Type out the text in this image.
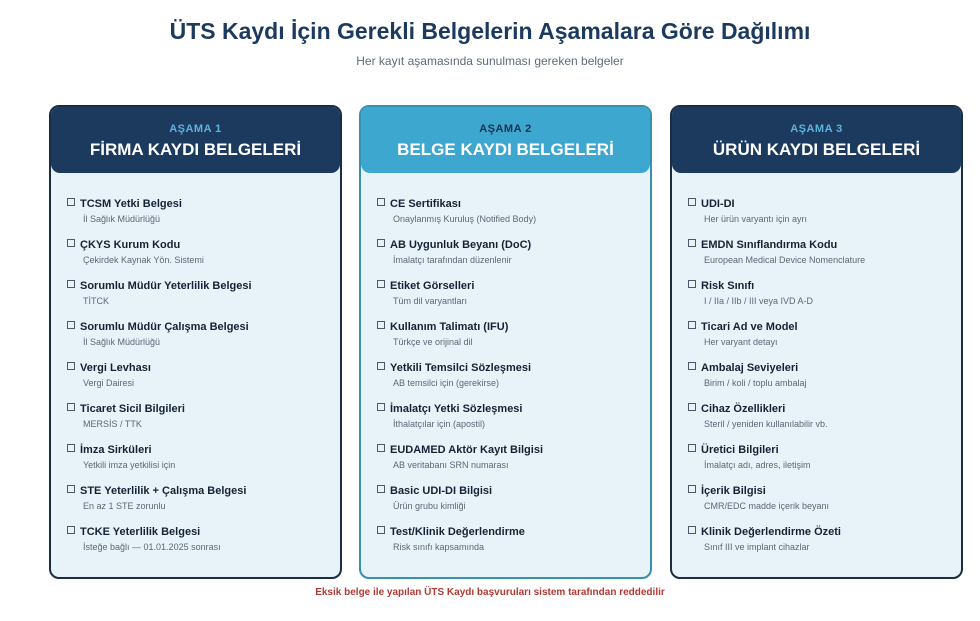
ÜTS Kaydı İçin Gerekli Belgelerin Aşamalara Göre Dağılımı
Her kayıt aşamasında sunulması gereken belgeler
AŞAMA 1
FİRMA KAYDI BELGELERİ
TCSM Yetki Belgesi
İl Sağlık Müdürlüğü
ÇKYS Kurum Kodu
Çekirdek Kaynak Yön. Sistemi
Sorumlu Müdür Yeterlilik Belgesi
TİTCK
Sorumlu Müdür Çalışma Belgesi
İl Sağlık Müdürlüğü
Vergi Levhası
Vergi Dairesi
Ticaret Sicil Bilgileri
MERSİS / TTK
İmza Sirküleri
Yetkili imza yetkilisi için
STE Yeterlilik + Çalışma Belgesi
En az 1 STE zorunlu
TCKE Yeterlilik Belgesi
İsteğe bağlı — 01.01.2025 sonrası
AŞAMA 2
BELGE KAYDI BELGELERİ
CE Sertifikası
Onaylanmış Kuruluş (Notified Body)
AB Uygunluk Beyanı (DoC)
İmalatçı tarafından düzenlenir
Etiket Görselleri
Tüm dil varyantları
Kullanım Talimatı (IFU)
Türkçe ve orijinal dil
Yetkili Temsilci Sözleşmesi
AB temsilci için (gerekirse)
İmalatçı Yetki Sözleşmesi
İthalatçılar için (apostil)
EUDAMED Aktör Kayıt Bilgisi
AB veritabanı SRN numarası
Basic UDI-DI Bilgisi
Ürün grubu kimliği
Test/Klinik Değerlendirme
Risk sınıfı kapsamında
AŞAMA 3
ÜRÜN KAYDI BELGELERİ
UDI-DI
Her ürün varyantı için ayrı
EMDN Sınıflandırma Kodu
European Medical Device Nomenclature
Risk Sınıfı
I / IIa / IIb / III veya IVD A-D
Ticari Ad ve Model
Her varyant detayı
Ambalaj Seviyeleri
Birim / koli / toplu ambalaj
Cihaz Özellikleri
Steril / yeniden kullanılabilir vb.
Üretici Bilgileri
İmalatçı adı, adres, iletişim
İçerik Bilgisi
CMR/EDC madde içerik beyanı
Klinik Değerlendirme Özeti
Sınıf III ve implant cihazlar
Eksik belge ile yapılan ÜTS Kaydı başvuruları sistem tarafından reddedilir
